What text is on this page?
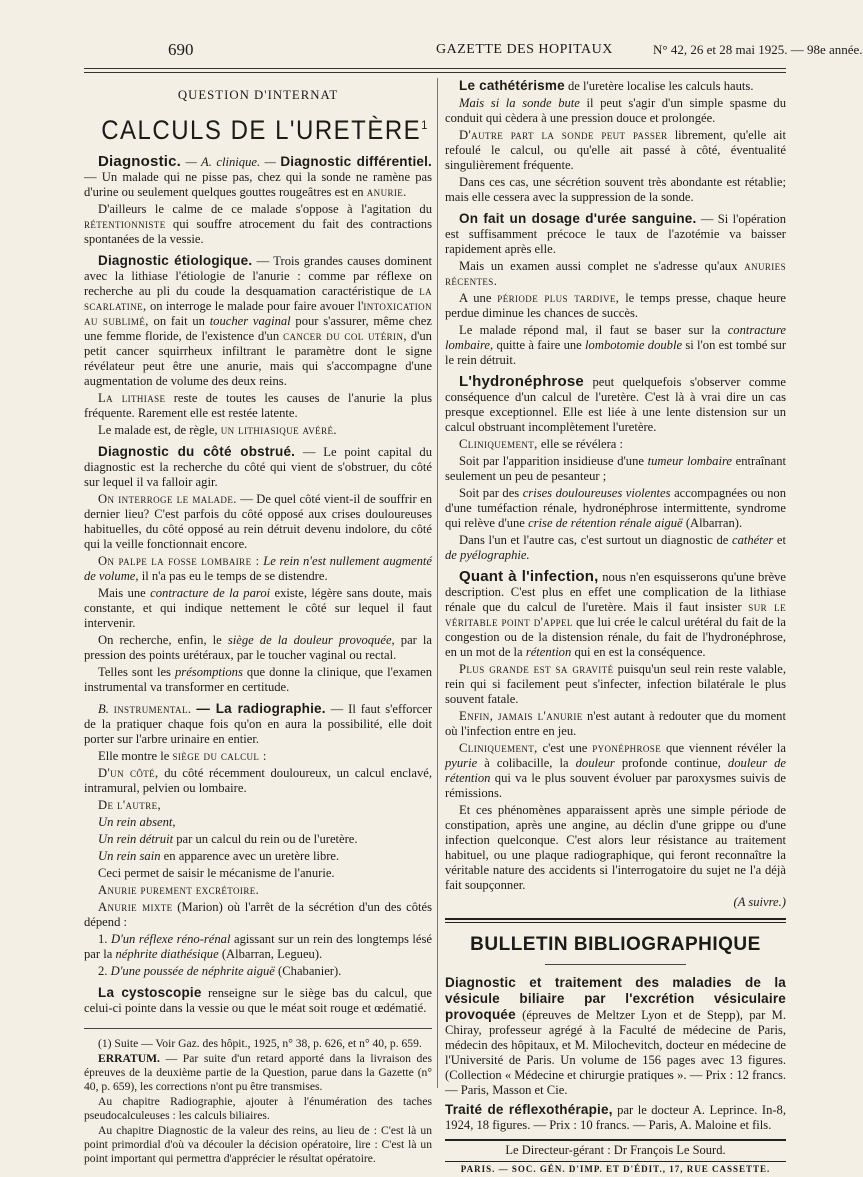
690	GAZETTE DES HOPITAUX	N° 42, 26 et 28 mai 1925. — 98e année.

QUESTION D'INTERNAT

CALCULS DE L'URETÈRE$^1$

Diagnostic. — A. clinique. — Diagnostic différentiel. — Un malade qui ne pisse pas, chez qui la sonde ne ramène pas d'urine ou seulement quelques gouttes rougeâtres est en anurie.

D'ailleurs le calme de ce malade s'oppose à l'agitation du rétentionniste qui souffre atrocement du fait des contractions spontanées de la vessie.

Diagnostic étiologique. — Trois grandes causes dominent avec la lithiase l'étiologie de l'anurie : comme par réflexe on recherche au pli du coude la desquamation caractéristique de la scarlatine, on interroge le malade pour faire avouer l'intoxication au sublimé, on fait un toucher vaginal pour s'assurer, même chez une femme floride, de l'existence d'un cancer du col utérin, d'un petit cancer squirrheux infiltrant le paramètre dont le signe révélateur peut être une anurie, mais qui s'accompagne d'une augmentation de volume des deux reins.

La lithiase reste de toutes les causes de l'anurie la plus fréquente. Rarement elle est restée latente.

Le malade est, de règle, un lithiasique avéré.

Diagnostic du côté obstrué. — Le point capital du diagnostic est la recherche du côté qui vient de s'obstruer, du côté sur lequel il va falloir agir.

On interroge le malade. — De quel côté vient-il de souffrir en dernier lieu? C'est parfois du côté opposé aux crises douloureuses habituelles, du côté opposé au rein détruit devenu indolore, du côté qui la veille fonctionnait encore.

On palpe la fosse lombaire : Le rein n'est nullement augmenté de volume, il n'a pas eu le temps de se distendre.

Mais une contracture de la paroi existe, légère sans doute, mais constante, et qui indique nettement le côté sur lequel il faut intervenir.

On recherche, enfin, le siège de la douleur provoquée, par la pression des points urétéraux, par le toucher vaginal ou rectal.

Telles sont les présomptions que donne la clinique, que l'examen instrumental va transformer en certitude.

B. instrumental. — La radiographie. — Il faut s'efforcer de la pratiquer chaque fois qu'on en aura la possibilité, elle doit porter sur l'arbre urinaire en entier.

Elle montre le siège du calcul :

D'un côté, du côté récemment douloureux, un calcul enclavé, intramural, pelvien ou lombaire.

De l'autre,

Un rein absent,

Un rein détruit par un calcul du rein ou de l'uretère.

Un rein sain en apparence avec un uretère libre.

Ceci permet de saisir le mécanisme de l'anurie.

Anurie purement excrétoire.

Anurie mixte (Marion) où l'arrêt de la sécrétion d'un des côtés dépend :

1. D'un réflexe réno-rénal agissant sur un rein des longtemps lésé par la néphrite diathésique (Albarran, Legueu).

2. D'une poussée de néphrite aiguë (Chabanier).

La cystoscopie renseigne sur le siège bas du calcul, que celui-ci pointe dans la vessie ou que le méat soit rouge et œdématié.

(1) Suite — Voir Gaz. des hôpit., 1925, n° 38, p. 626, et n° 40, p. 659.

ERRATUM. — Par suite d'un retard apporté dans la livraison des épreuves de la deuxième partie de la Question, parue dans la Gazette (n° 40, p. 659), les corrections n'ont pu être transmises.

Au chapitre Radiographie, ajouter à l'énumération des taches pseudocalculeuses : les calculs biliaires.

Au chapitre Diagnostic de la valeur des reins, au lieu de : C'est là un point primordial d'où va découler la décision opératoire, lire : C'est là un point important qui permettra d'apprécier le résultat opératoire.

Le cathétérisme de l'uretère localise les calculs hauts.

Mais si la sonde bute il peut s'agir d'un simple spasme du conduit qui cèdera à une pression douce et prolongée.

D'autre part la sonde peut passer librement, qu'elle ait refoulé le calcul, ou qu'elle ait passé à côté, éventualité singulièrement fréquente.

Dans ces cas, une sécrétion souvent très abondante est rétablie; mais elle cessera avec la suppression de la sonde.

On fait un dosage d'urée sanguine. — Si l'opération est suffisamment précoce le taux de l'azotémie va baisser rapidement après elle.

Mais un examen aussi complet ne s'adresse qu'aux anuries récentes.

A une période plus tardive, le temps presse, chaque heure perdue diminue les chances de succès.

Le malade répond mal, il faut se baser sur la contracture lombaire, quitte à faire une lombotomie double si l'on est tombé sur le rein détruit.

L'hydronéphrose peut quelquefois s'observer comme conséquence d'un calcul de l'uretère. C'est là à vrai dire un cas presque exceptionnel. Elle est liée à une lente distension sur un calcul obstruant incomplètement l'uretère.

Cliniquement, elle se révélera :

Soit par l'apparition insidieuse d'une tumeur lombaire entraînant seulement un peu de pesanteur ;

Soit par des crises douloureuses violentes accompagnées ou non d'une tuméfaction rénale, hydronéphrose intermittente, syndrome qui relève d'une crise de rétention rénale aiguë (Albarran).

Dans l'un et l'autre cas, c'est surtout un diagnostic de cathéter et de pyélographie.

Quant à l'infection, nous n'en esquisserons qu'une brève description. C'est plus en effet une complication de la lithiase rénale que du calcul de l'uretère. Mais il faut insister sur le véritable point d'appel que lui crée le calcul urétéral du fait de la congestion ou de la distension rénale, du fait de l'hydronéphrose, en un mot de la rétention qui en est la conséquence.

Plus grande est sa gravité puisqu'un seul rein reste valable, rein qui si facilement peut s'infecter, infection bilatérale le plus souvent fatale.

Enfin, jamais l'anurie n'est autant à redouter que du moment où l'infection entre en jeu.

Cliniquement, c'est une pyonéphrose que viennent révéler la pyurie à colibacille, la douleur profonde continue, douleur de rétention qui va le plus souvent évoluer par paroxysmes suivis de rémissions.

Et ces phénomènes apparaissent après une simple période de constipation, après une angine, au déclin d'une grippe ou d'une infection quelconque. C'est alors leur résistance au traitement habituel, ou une plaque radiographique, qui feront reconnaître la véritable nature des accidents si l'interrogatoire du sujet ne l'a déjà fait soupçonner.

(A suivre.)

BULLETIN BIBLIOGRAPHIQUE

Diagnostic et traitement des maladies de la vésicule biliaire par l'excrétion vésiculaire provoquée (épreuves de Meltzer Lyon et de Stepp), par M. Chiray, professeur agrégé à la Faculté de médecine de Paris, médecin des hôpitaux, et M. Milochevitch, docteur en médecine de l'Université de Paris. Un volume de 156 pages avec 13 figures. (Collection « Médecine et chirurgie pratiques ». — Prix : 12 francs. — Paris, Masson et Cie.

Traité de réflexothérapie, par le docteur A. Leprince. In-8, 1924, 18 figures. — Prix : 10 francs. — Paris, A. Maloine et fils.

Le Directeur-gérant : Dr François Le Sourd.

PARIS. — SOC. GÉN. D'IMP. ET D'ÉDIT., 17, RUE CASSETTE.
